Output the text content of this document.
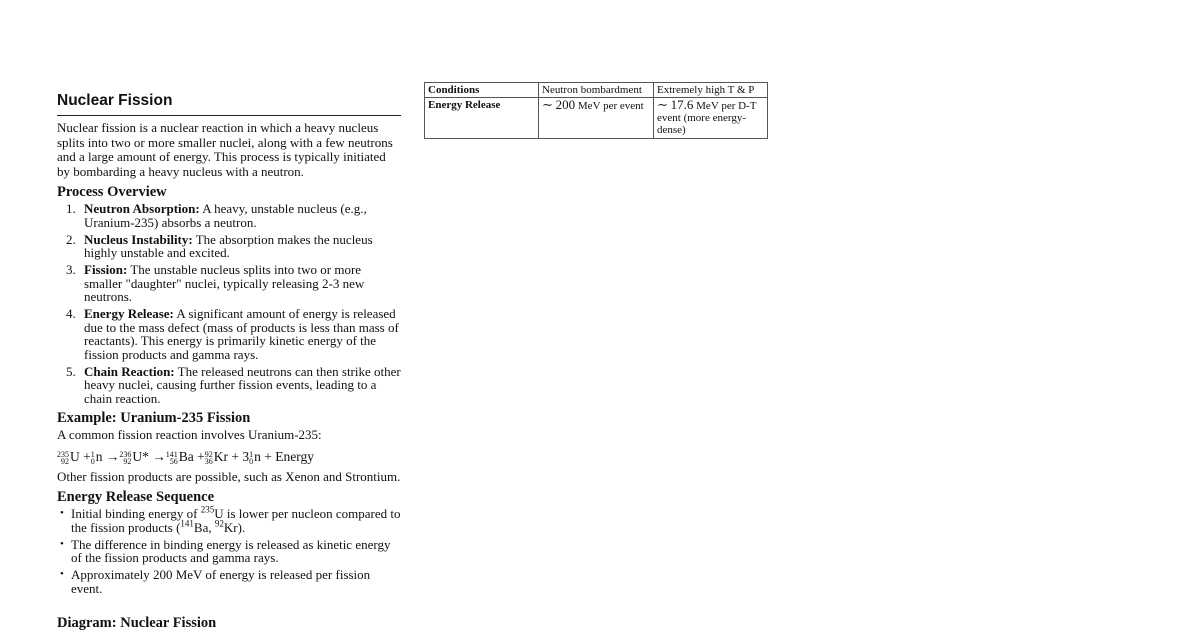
Nuclear Fission

Nuclear fission is a nuclear reaction in which a heavy nucleus splits into two or more smaller nuclei, along with a few neutrons and a large amount of energy. This process is typically initiated by bombarding a heavy nucleus with a neutron.

Process Overview
1. Neutron Absorption: A heavy, unstable nucleus (e.g., Uranium-235) absorbs a neutron.
2. Nucleus Instability: The absorption makes the nucleus highly unstable and excited.
3. Fission: The unstable nucleus splits into two or more smaller "daughter" nuclei, typically releasing 2-3 new neutrons.
4. Energy Release: A significant amount of energy is released due to the mass defect (mass of products is less than mass of reactants). This energy is primarily kinetic energy of the fission products and gamma rays.
5. Chain Reaction: The released neutrons can then strike other heavy nuclei, causing further fission events, leading to a chain reaction.
Example: Uranium-235 Fission

A common fission reaction involves Uranium-235:

235
92 U + 1
0 n → 236
92 U* → 141
56 Ba + 92
36 Kr + 3 1
0 n + Energy

Other fission products are possible, such as Xenon and Strontium.

Energy Release Sequence
• Initial binding energy of $^{235}$U is lower per nucleon compared to the fission products ($^{141}$Ba, $^{92}$Kr).
• The difference in binding energy is released as kinetic energy of the fission products and gamma rays.
• Approximately 200 MeV of energy is released per fission event.
Diagram: Nuclear Fission
Conditions	Neutron bombardment	Extremely high T & P
Energy Release	∼ 200 MeV per event	∼ 17.6 MeV per D-T event (more energy-dense)
